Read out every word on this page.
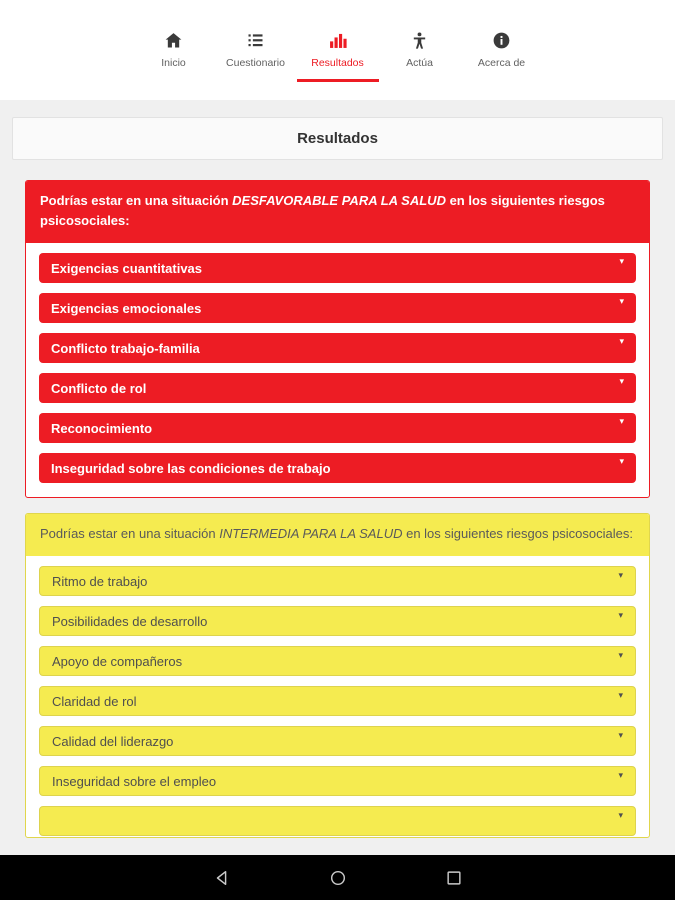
Inicio	Cuestionario	Resultados	Actúa	Acerca de
Resultados
Podrías estar en una situación DESFAVORABLE PARA LA SALUD en los siguientes riesgos psicosociales:
Exigencias cuantitativas	▾
Exigencias emocionales	▾
Conflicto trabajo-familia	▾
Conflicto de rol	▾
Reconocimiento	▾
Inseguridad sobre las condiciones de trabajo	▾
Podrías estar en una situación INTERMEDIA PARA LA SALUD en los siguientes riesgos psicosociales:
Ritmo de trabajo	▾
Posibilidades de desarrollo	▾
Apoyo de compañeros	▾
Claridad de rol	▾
Calidad del liderazgo	▾
Inseguridad sobre el empleo	▾
▾
